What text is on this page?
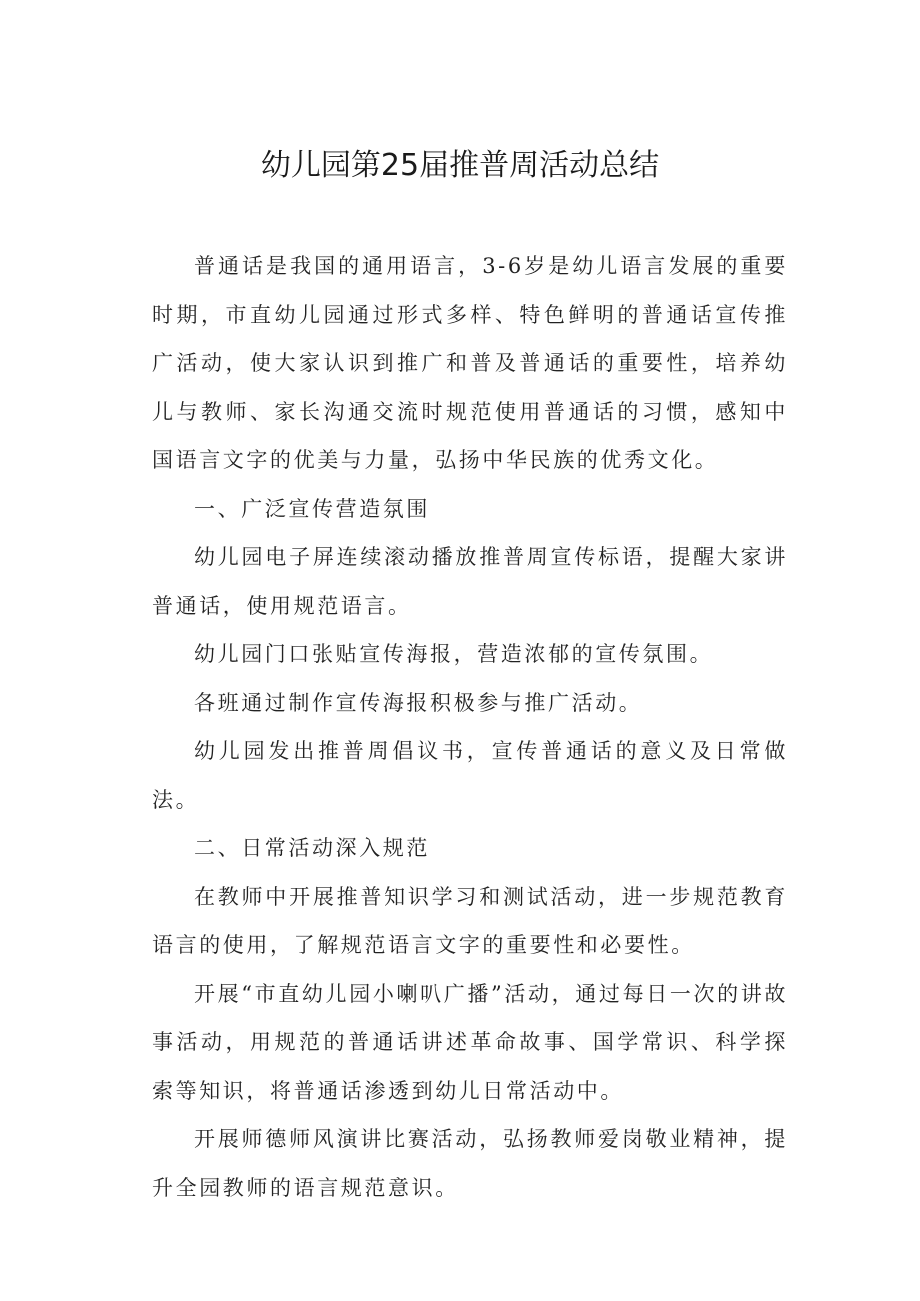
幼儿园第25届推普周活动总结

普通话是我国的通用语言，3-6岁是幼儿语言发展的重要时期，市直幼儿园通过形式多样、特色鲜明的普通话宣传推广活动，使大家认识到推广和普及普通话的重要性，培养幼儿与教师、家长沟通交流时规范使用普通话的习惯，感知中国语言文字的优美与力量，弘扬中华民族的优秀文化。

一、广泛宣传营造氛围

幼儿园电子屏连续滚动播放推普周宣传标语，提醒大家讲普通话，使用规范语言。

幼儿园门口张贴宣传海报，营造浓郁的宣传氛围。

各班通过制作宣传海报积极参与推广活动。

幼儿园发出推普周倡议书，宣传普通话的意义及日常做法。

二、日常活动深入规范

在教师中开展推普知识学习和测试活动，进一步规范教育语言的使用，了解规范语言文字的重要性和必要性。

开展“市直幼儿园小喇叭广播”活动，通过每日一次的讲故事活动，用规范的普通话讲述革命故事、国学常识、科学探索等知识，将普通话渗透到幼儿日常活动中。

开展师德师风演讲比赛活动，弘扬教师爱岗敬业精神，提升全园教师的语言规范意识。
